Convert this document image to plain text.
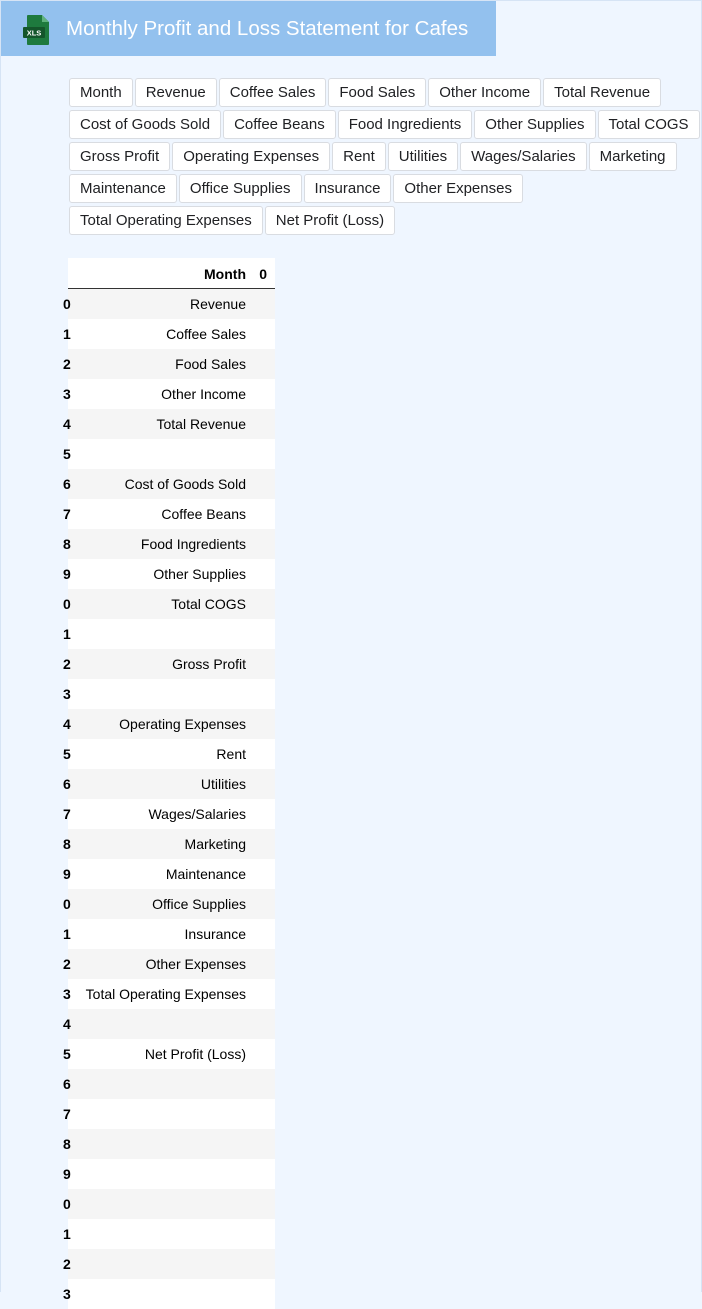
XLS Monthly Profit and Loss Statement for Cafes
Month	Revenue	Coffee Sales	Food Sales	Other Income	Total Revenue
Cost of Goods Sold	Coffee Beans	Food Ingredients	Other Supplies	Total COGS
Gross Profit	Operating Expenses	Rent	Utilities	Wages/Salaries	Marketing
Maintenance	Office Supplies	Insurance	Other Expenses
Total Operating Expenses	Net Profit (Loss)
Month 0
0	Revenue
1	Coffee Sales
2	Food Sales
3	Other Income
4	Total Revenue
5
6	Cost of Goods Sold
7	Coffee Beans
8	Food Ingredients
9	Other Supplies
0	Total COGS
1
2	Gross Profit
3
4	Operating Expenses
5	Rent
6	Utilities
7	Wages/Salaries
8	Marketing
9	Maintenance
0	Office Supplies
1	Insurance
2	Other Expenses
3 Total Operating Expenses
4
5	Net Profit (Loss)
6
7
8
9
0
1
2
3
